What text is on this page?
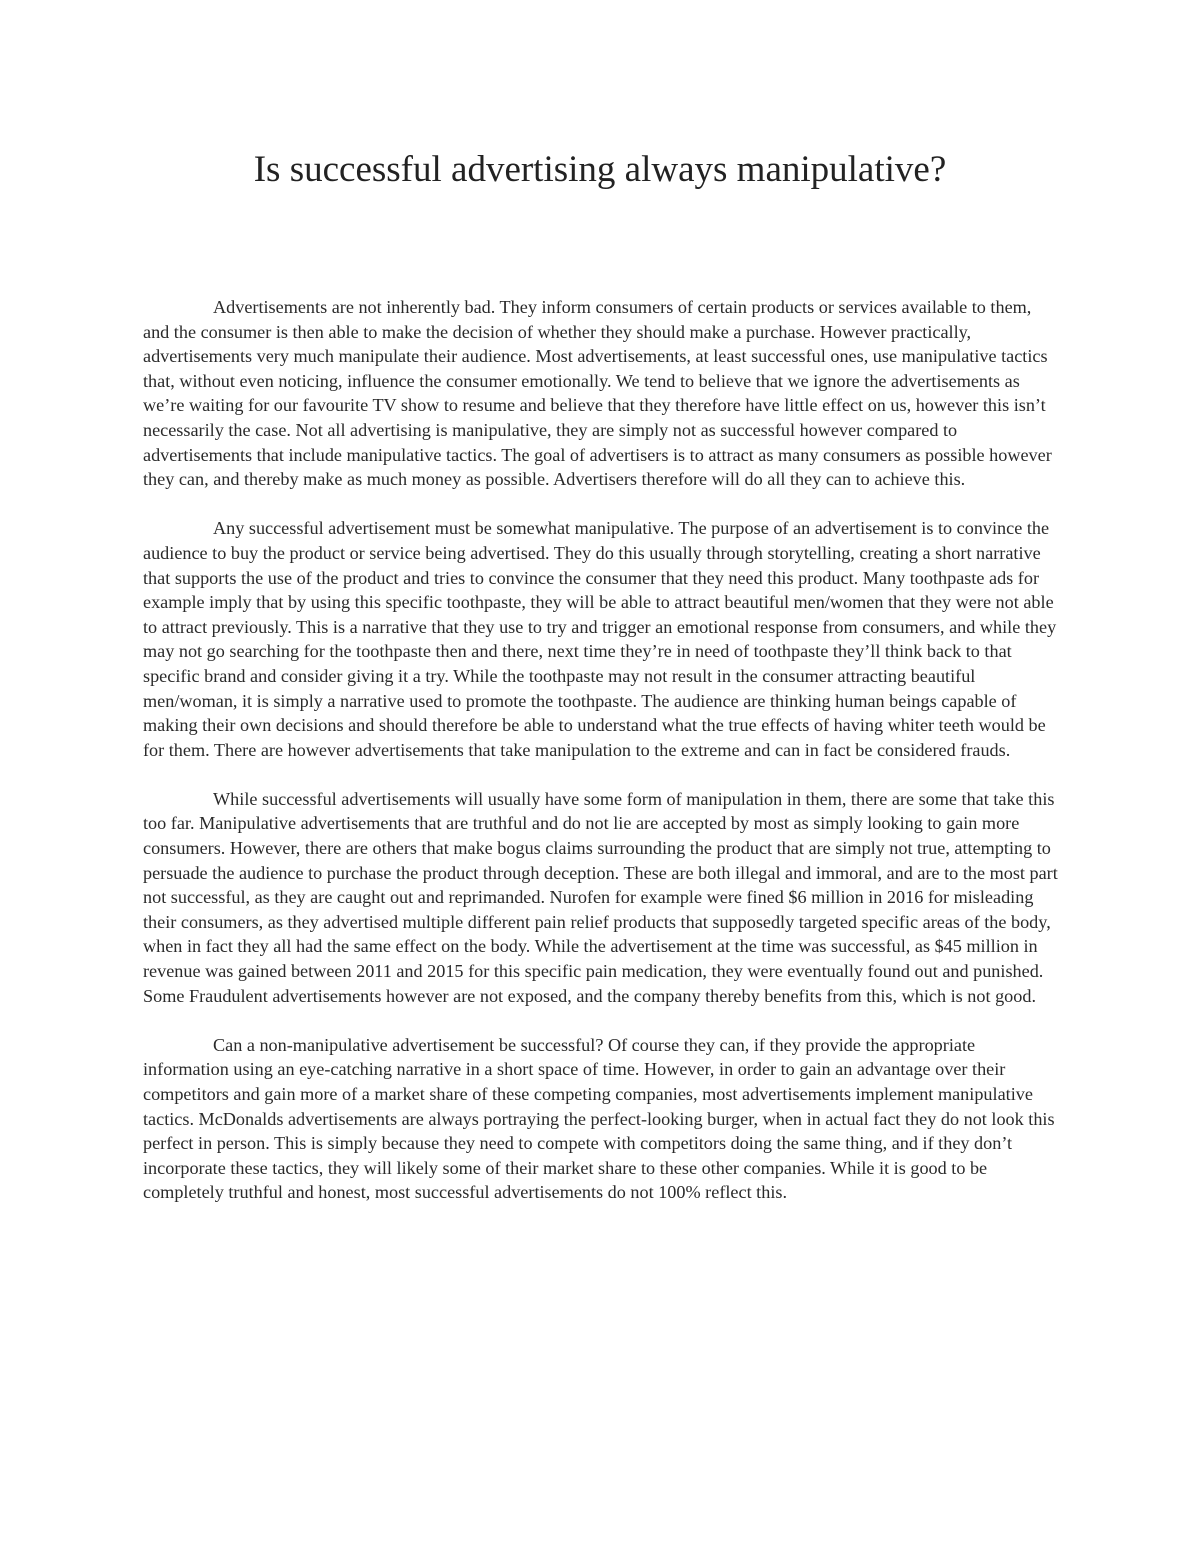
Is successful advertising always manipulative?

Advertisements are not inherently bad. They inform consumers of certain products or services available to them, and the consumer is then able to make the decision of whether they should make a purchase. However practically, advertisements very much manipulate their audience. Most advertisements, at least successful ones, use manipulative tactics that, without even noticing, influence the consumer emotionally. We tend to believe that we ignore the advertisements as we’re waiting for our favourite TV show to resume and believe that they therefore have little effect on us, however this isn’t necessarily the case. Not all advertising is manipulative, they are simply not as successful however compared to advertisements that include manipulative tactics. The goal of advertisers is to attract as many consumers as possible however they can, and thereby make as much money as possible. Advertisers therefore will do all they can to achieve this.

Any successful advertisement must be somewhat manipulative. The purpose of an advertisement is to convince the audience to buy the product or service being advertised. They do this usually through storytelling, creating a short narrative that supports the use of the product and tries to convince the consumer that they need this product. Many toothpaste ads for example imply that by using this specific toothpaste, they will be able to attract beautiful men/women that they were not able to attract previously. This is a narrative that they use to try and trigger an emotional response from consumers, and while they may not go searching for the toothpaste then and there, next time they’re in need of toothpaste they’ll think back to that specific brand and consider giving it a try. While the toothpaste may not result in the consumer attracting beautiful men/woman, it is simply a narrative used to promote the toothpaste. The audience are thinking human beings capable of making their own decisions and should therefore be able to understand what the true effects of having whiter teeth would be for them. There are however advertisements that take manipulation to the extreme and can in fact be considered frauds.

While successful advertisements will usually have some form of manipulation in them, there are some that take this too far. Manipulative advertisements that are truthful and do not lie are accepted by most as simply looking to gain more consumers. However, there are others that make bogus claims surrounding the product that are simply not true, attempting to persuade the audience to purchase the product through deception. These are both illegal and immoral, and are to the most part not successful, as they are caught out and reprimanded. Nurofen for example were fined $6 million in 2016 for misleading their consumers, as they advertised multiple different pain relief products that supposedly targeted specific areas of the body, when in fact they all had the same effect on the body. While the advertisement at the time was successful, as $45 million in revenue was gained between 2011 and 2015 for this specific pain medication, they were eventually found out and punished. Some Fraudulent advertisements however are not exposed, and the company thereby benefits from this, which is not good.

Can a non-manipulative advertisement be successful? Of course they can, if they provide the appropriate information using an eye-catching narrative in a short space of time. However, in order to gain an advantage over their competitors and gain more of a market share of these competing companies, most advertisements implement manipulative tactics. McDonalds advertisements are always portraying the perfect-looking burger, when in actual fact they do not look this perfect in person. This is simply because they need to compete with competitors doing the same thing, and if they don’t incorporate these tactics, they will likely some of their market share to these other companies. While it is good to be completely truthful and honest, most successful advertisements do not 100% reflect this.
